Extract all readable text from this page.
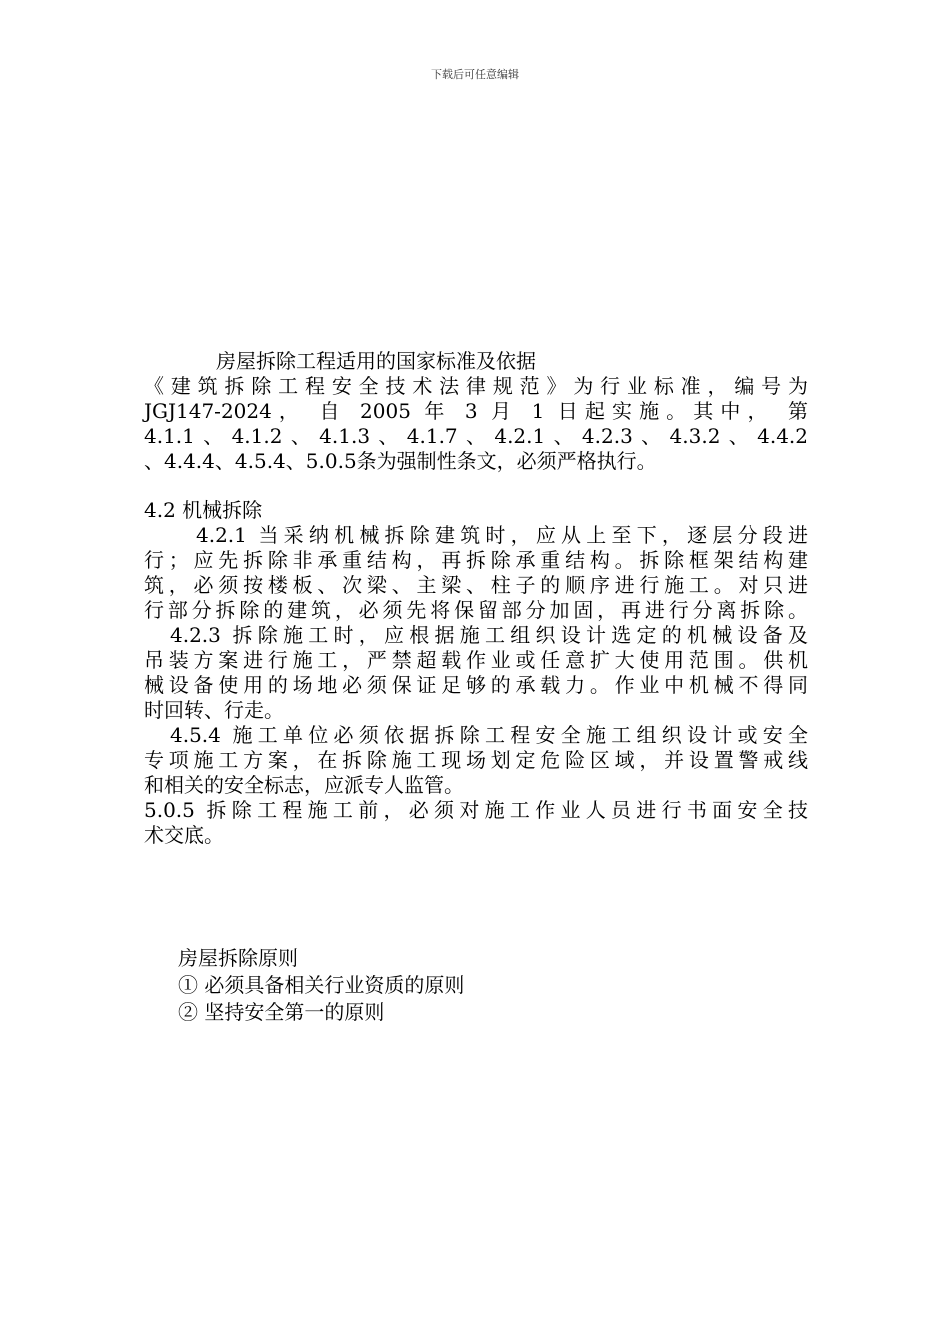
下载后可任意编辑
房屋拆除工程适用的国家标准及依据
《建筑拆除工程安全技术法律规范》为行业标准，编号为
JGJ147-2024， 自 2005 年 3 月 1 日起实施。其中， 第
4.1.1、4.1.2、4.1.3、4.1.7、4.2.1、4.2.3、4.3.2、4.4.2
、4.4.4、4.5.4、5.0.5条为强制性条文，必须严格执行。
4.2 机械拆除
4.2.1 当采纳机械拆除建筑时，应从上至下，逐层分段进
行；应先拆除非承重结构，再拆除承重结构。拆除框架结构建
筑，必须按楼板、次梁、主梁、柱子的顺序进行施工。对只进
行部分拆除的建筑，必须先将保留部分加固，再进行分离拆除。
4.2.3 拆除施工时，应根据施工组织设计选定的机械设备及
吊装方案进行施工，严禁超载作业或任意扩大使用范围。供机
械设备使用的场地必须保证足够的承载力。作业中机械不得同
时回转、行走。
4.5.4 施工单位必须依据拆除工程安全施工组织设计或安全
专项施工方案，在拆除施工现场划定危险区域，并设置警戒线
和相关的安全标志，应派专人监管。
5.0.5 拆除工程施工前，必须对施工作业人员进行书面安全技
术交底。
房屋拆除原则
① 必须具备相关行业资质的原则
② 坚持安全第一的原则
